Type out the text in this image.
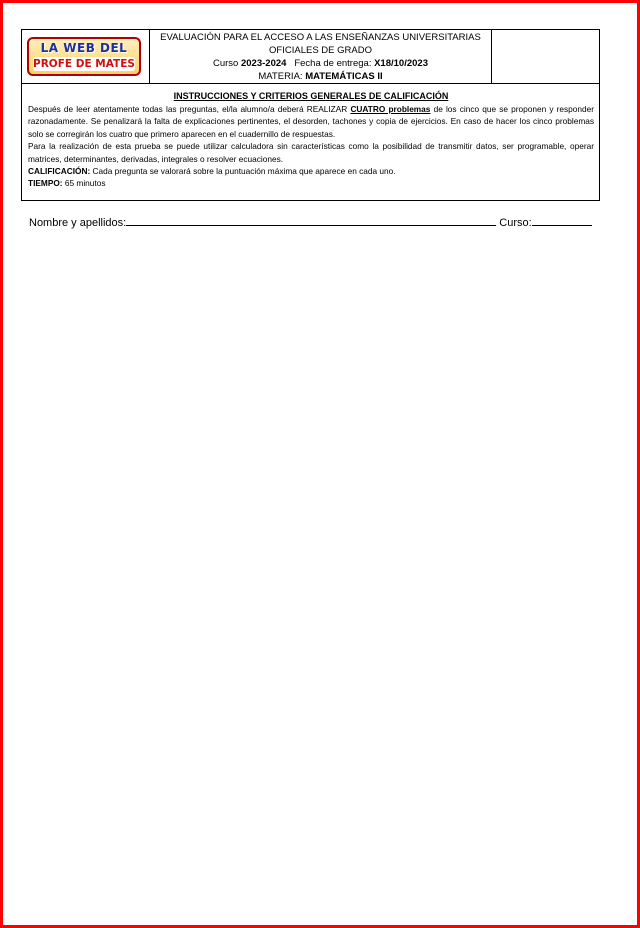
LA WEB DEL
PROFE DE MATES
EVALUACIÓN PARA EL ACCESO A LAS ENSEÑANZAS UNIVERSITARIAS
OFICIALES DE GRADO
Curso 2023-2024 Fecha de entrega: X18/10/2023
MATERIA: MATEMÁTICAS II
INSTRUCCIONES Y CRITERIOS GENERALES DE CALIFICACIÓN
Después de leer atentamente todas las preguntas, el/la alumno/a deberá REALIZAR CUATRO problemas de los cinco que se proponen y responder razonadamente. Se penalizará la falta de explicaciones pertinentes, el desorden, tachones y copia de ejercicios. En caso de hacer los cinco problemas solo se corregirán los cuatro que primero aparecen en el cuadernillo de respuestas.
Para la realización de esta prueba se puede utilizar calculadora sin características como la posibilidad de transmitir datos, ser programable, operar matrices, determinantes, derivadas, integrales o resolver ecuaciones.
CALIFICACIÓN: Cada pregunta se valorará sobre la puntuación máxima que aparece en cada uno.
TIEMPO: 65 minutos
Nombre y apellidos:	Curso:
